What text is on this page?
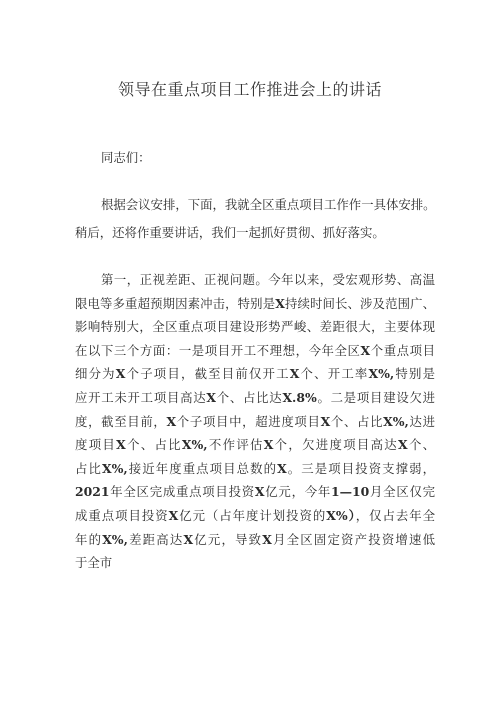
领导在重点项目工作推进会上的讲话
同志们：
根据会议安排，下面，我就全区重点项目工作作一具体安排。
稍后，还将作重要讲话，我们一起抓好贯彻、抓好落实。
第一，正视差距、正视问题。今年以来，受宏观形势、高温
限电等多重超预期因素冲击，特别是X持续时间长、涉及范围广、
影响特别大，全区重点项目建设形势严峻、差距很大，主要体现
在以下三个方面：一是项目开工不理想，今年全区X个重点项目
细分为X个子项目，截至目前仅开工X个、开工率X%,特别是
应开工未开工项目高达X个、占比达X.8%。二是项目建设欠进
度，截至目前，X个子项目中，超进度项目X个、占比X%,达进
度项目X个、占比X%,不作评估X个，欠进度项目高达X个、
占比X%,接近年度重点项目总数的X。三是项目投资支撑弱，
2021年全区完成重点项目投资X亿元，今年1—10月全区仅完
成重点项目投资X亿元（占年度计划投资的X%），仅占去年全
年的X%,差距高达X亿元，导致X月全区固定资产投资增速低
于全市
